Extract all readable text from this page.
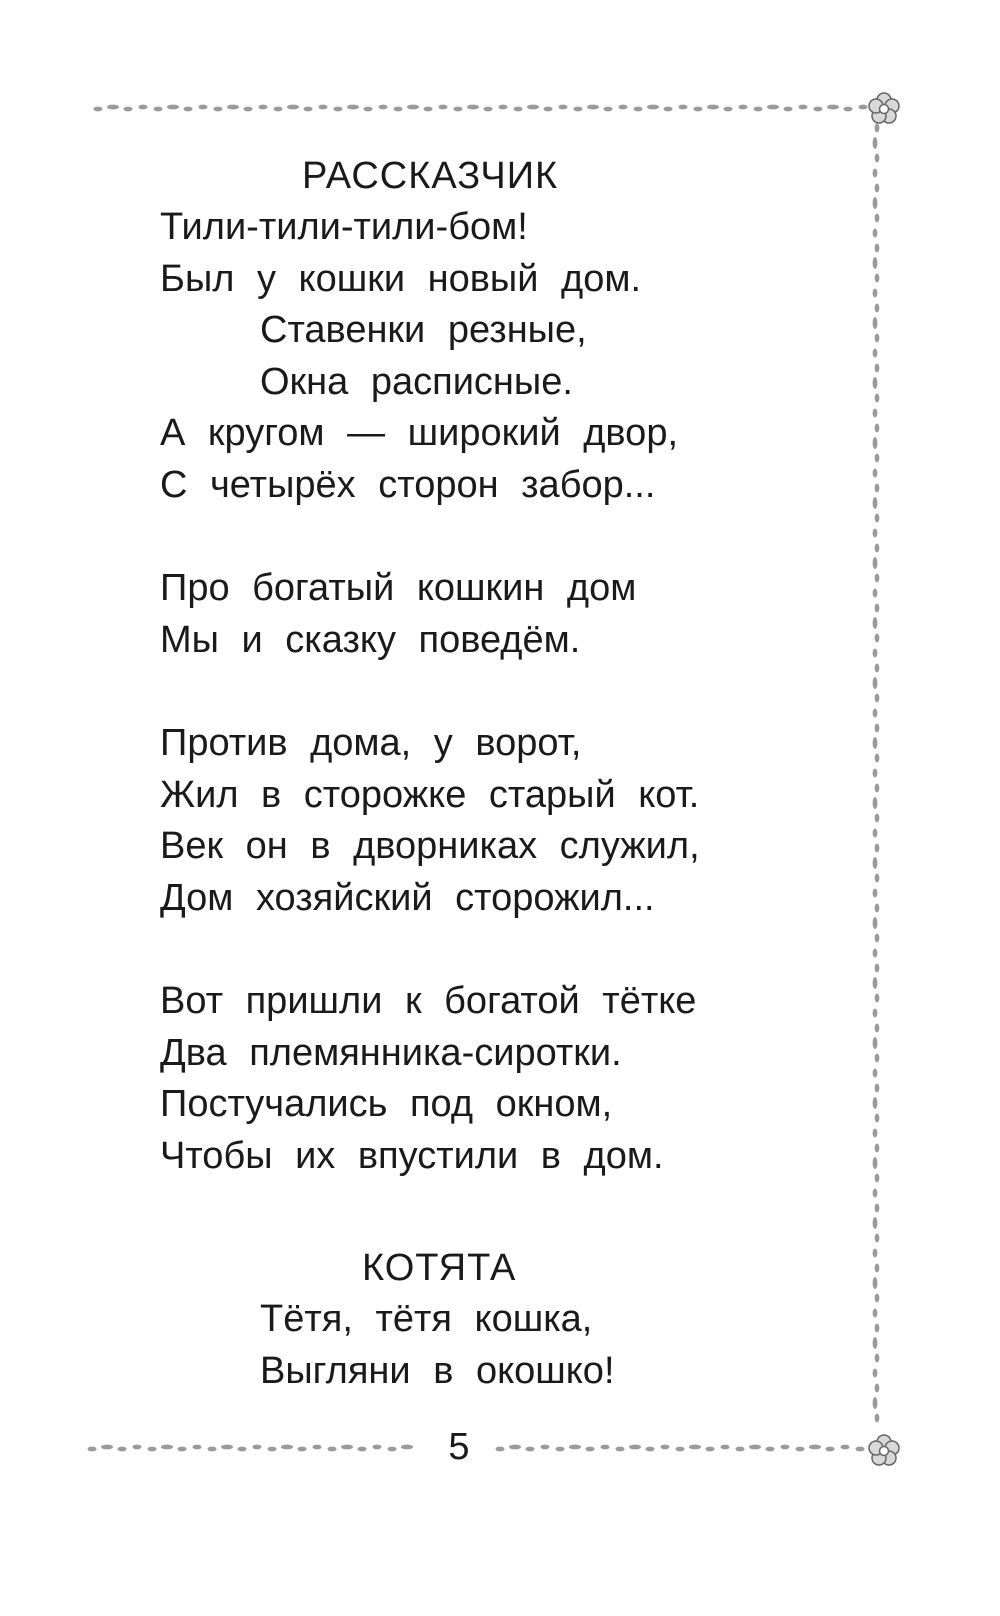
РАССКАЗЧИК
Тили-тили-тили-бом!
Был у кошки новый дом.
Ставенки резные,
Окна расписные.
А кругом — широкий двор,
С четырёх сторон забор...
Про богатый кошкин дом
Мы и сказку поведём.
Против дома, у ворот,
Жил в сторожке старый кот.
Век он в дворниках служил,
Дом хозяйский сторожил...
Вот пришли к богатой тётке
Два племянника-сиротки.
Постучались под окном,
Чтобы их впустили в дом.
КОТЯТА
Тётя, тётя кошка,
Выгляни в окошко!
5
